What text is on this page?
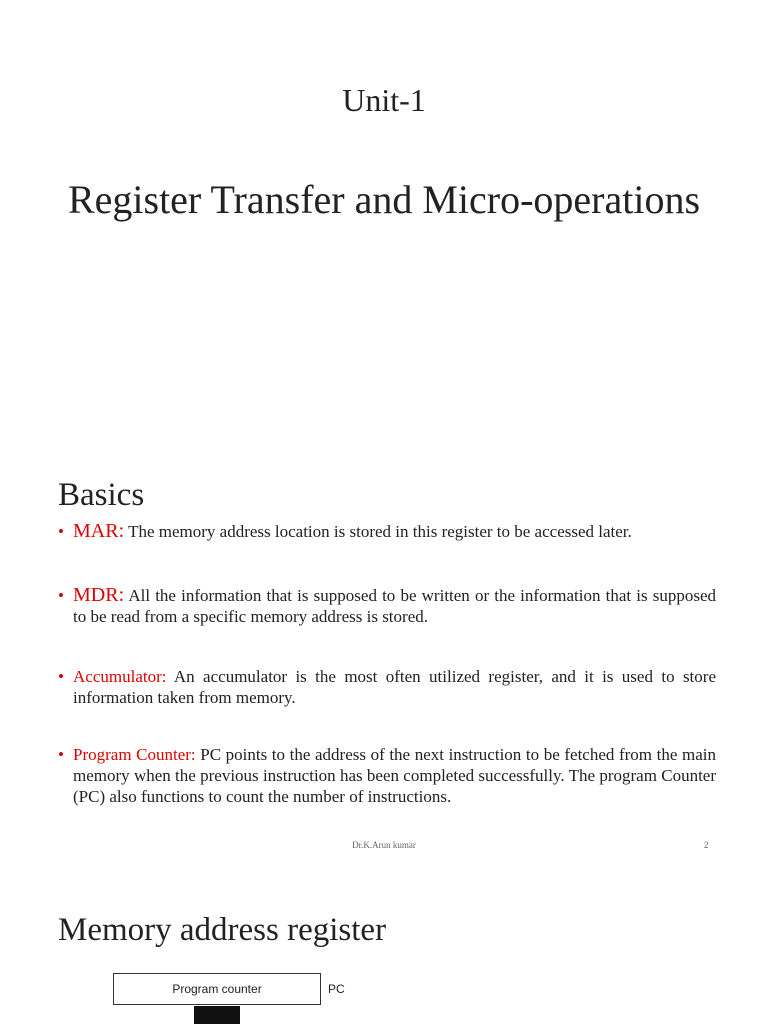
Unit-1
Register Transfer and Micro-operations
Basics
• MAR: The memory address location is stored in this register to be accessed later.
• MDR: All the information that is supposed to be written or the information that is supposed to be read from a specific memory address is stored.
• Accumulator: An accumulator is the most often utilized register, and it is used to store information taken from memory.
• Program Counter: PC points to the address of the next instruction to be fetched from the main memory when the previous instruction has been completed successfully. The program Counter (PC) also functions to count the number of instructions.
Dr.K.Arun kumar	2
Memory address register
Program counter	PC
